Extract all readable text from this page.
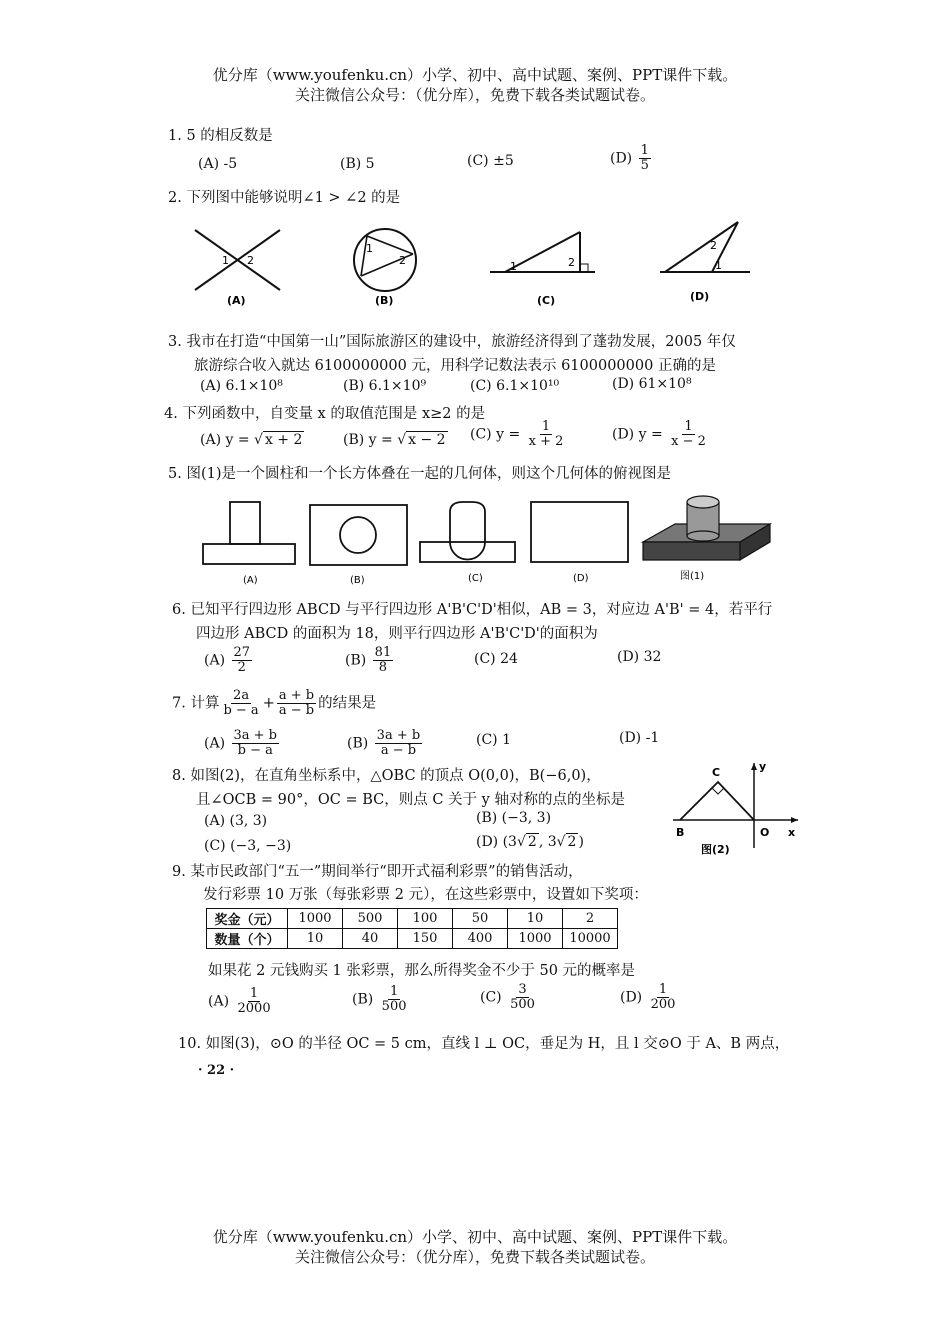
优分库（www.youfenku.cn）小学、初中、高中试题、案例、PPT课件下载。
关注微信公众号：（优分库），免费下载各类试题试卷。
1. 5 的相反数是
(A) -5	(B) 5	(C) ±5	$(D) \frac{1}{5}$
2. 下列图中能够说明∠1 > ∠2 的是
1 2
(A)
1
2
(B)
1	2
(C)
2
1
(D)
3. 我市在打造“中国第一山”国际旅游区的建设中，旅游经济得到了蓬勃发展，2005 年仅
旅游综合收入就达 6100000000 元，用科学记数法表示 6100000000 正确的是
(A) 6.1×10⁸	(B) 6.1×10⁹	(C) 6.1×10¹⁰	(D) 61×10⁸
4. 下列函数中，自变量 x 的取值范围是 x≥2 的是
(A) y = √ x + 2	(B) y = √ x − 2 (C) $y = \frac{1}{x + 2}$	(D) $y = \frac{1}{x - 2}$
5. 图(1)是一个圆柱和一个长方体叠在一起的几何体，则这个几何体的俯视图是
(A)	(B)	(C)	(D)	图(1)
6. 已知平行四边形 ABCD 与平行四边形 A'B'C'D'相似，AB = 3，对应边 A'B' = 4，若平行
四边形 ABCD 的面积为 18，则平行四边形 A'B'C'D'的面积为
$(A) \frac{27}{2}$	$(B) \frac{81}{8}$	(C) 24	(D) 32
7. 计算 $\frac{2a}{b - a} + \frac{a + b}{a - b}$ 的结果是
$(A) \frac{3a + b}{b - a}$	$(B) \frac{3a + b}{a - b}$	(C) 1	(D) -1
8. 如图(2)，在直角坐标系中，△OBC 的顶点 O(0,0)，B(−6,0)，
且∠OCB = 90°，OC = BC，则点 C 关于 y 轴对称的点的坐标是
(A) (3, 3)	(B) (−3, 3)
(C) (−3, −3)	(D) (3√ 2 , 3√ 2 )
C	y
B	O x
图(2)
9. 某市民政部门“五一”期间举行“即开式福利彩票”的销售活动，
发行彩票 10 万张（每张彩票 2 元），在这些彩票中，设置如下奖项：
奖金（元）	1000	500	100	50	10	2
数量（个）	10	40	150	400	1000	10000
如果花 2 元钱购买 1 张彩票，那么所得奖金不少于 50 元的概率是
$(A) \frac{1}{2000}$	$(B) \frac{1}{500}$	$(C) \frac{3}{500}$	$(D) \frac{1}{200}$
10. 如图(3)，⊙O 的半径 OC = 5 cm，直线 l ⊥ OC，垂足为 H，且 l 交⊙O 于 A、B 两点，
· 22 ·
优分库（www.youfenku.cn）小学、初中、高中试题、案例、PPT课件下载。
关注微信公众号：（优分库），免费下载各类试题试卷。
